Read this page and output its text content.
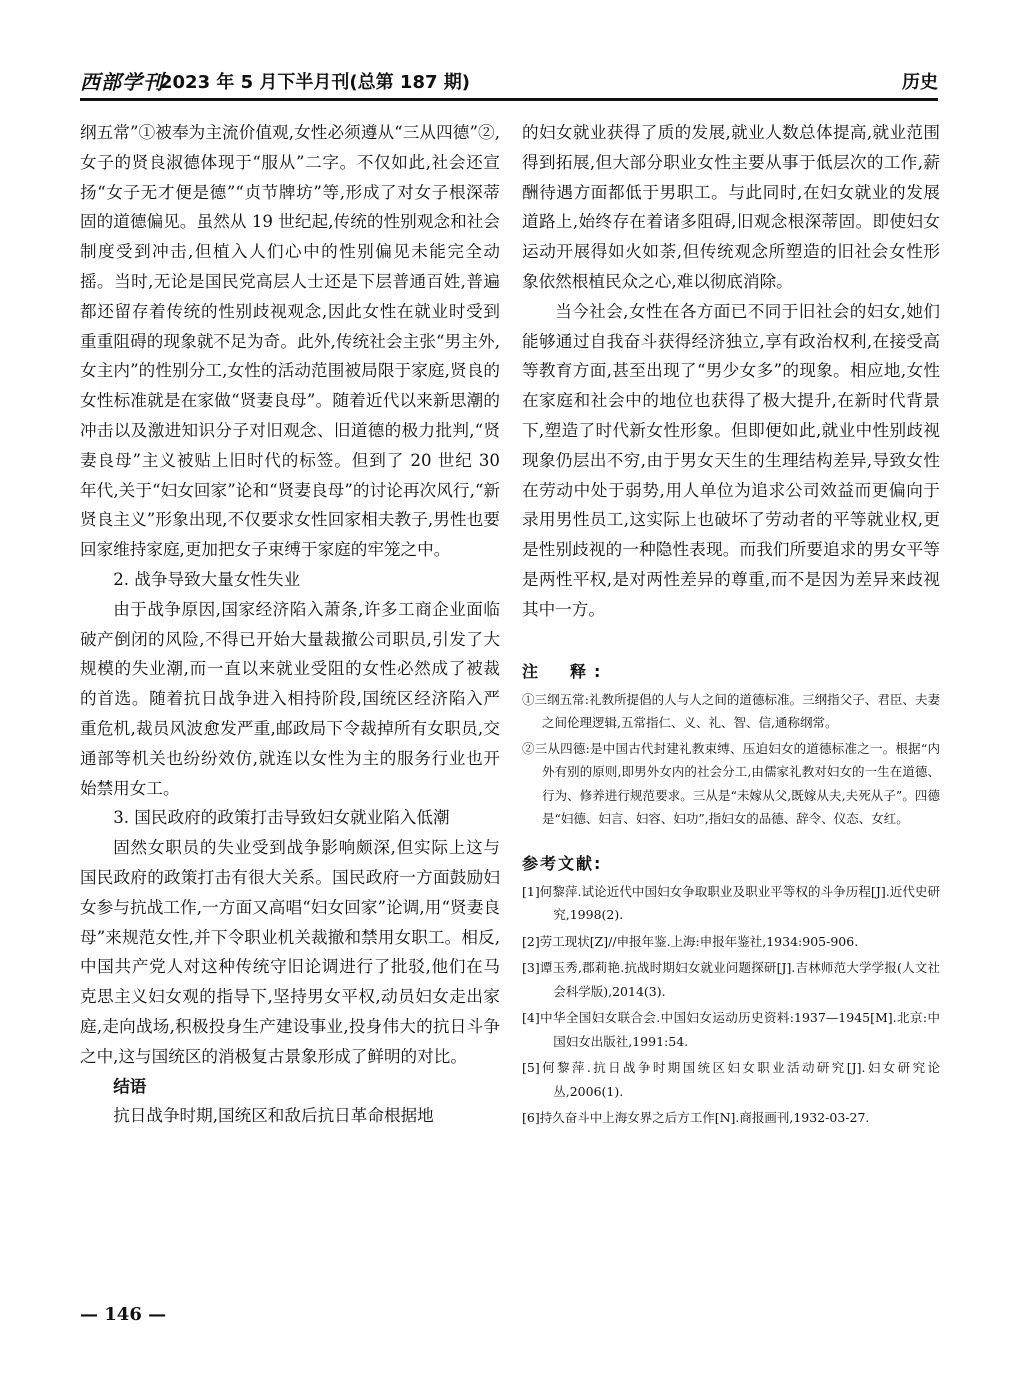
西部学刊
2023 年 5 月下半月刊(总第 187 期)	历史

纲五常”①被奉为主流价值观,女性必须遵从“三从四德”②,女子的贤良淑德体现于“服从”二字。不仅如此,社会还宣扬“女子无才便是德”“贞节牌坊”等,形成了对女子根深蒂固的道德偏见。虽然从 19 世纪起,传统的性别观念和社会制度受到冲击,但植入人们心中的性别偏见未能完全动摇。当时,无论是国民党高层人士还是下层普通百姓,普遍都还留存着传统的性别歧视观念,因此女性在就业时受到重重阻碍的现象就不足为奇。此外,传统社会主张“男主外,女主内”的性别分工,女性的活动范围被局限于家庭,贤良的女性标准就是在家做“贤妻良母”。随着近代以来新思潮的冲击以及激进知识分子对旧观念、旧道德的极力批判,“贤妻良母”主义被贴上旧时代的标签。但到了 20 世纪 30 年代,关于“妇女回家”论和“贤妻良母”的讨论再次风行,“新贤良主义”形象出现,不仅要求女性回家相夫教子,男性也要回家维持家庭,更加把女子束缚于家庭的牢笼之中。

2. 战争导致大量女性失业

由于战争原因,国家经济陷入萧条,许多工商企业面临破产倒闭的风险,不得已开始大量裁撤公司职员,引发了大规模的失业潮,而一直以来就业受阻的女性必然成了被裁的首选。随着抗日战争进入相持阶段,国统区经济陷入严重危机,裁员风波愈发严重,邮政局下令裁掉所有女职员,交通部等机关也纷纷效仿,就连以女性为主的服务行业也开始禁用女工。

3. 国民政府的政策打击导致妇女就业陷入低潮

固然女职员的失业受到战争影响颇深,但实际上这与国民政府的政策打击有很大关系。国民政府一方面鼓励妇女参与抗战工作,一方面又高唱“妇女回家”论调,用“贤妻良母”来规范女性,并下令职业机关裁撤和禁用女职工。相反,中国共产党人对这种传统守旧论调进行了批驳,他们在马克思主义妇女观的指导下,坚持男女平权,动员妇女走出家庭,走向战场,积极投身生产建设事业,投身伟大的抗日斗争之中,这与国统区的消极复古景象形成了鲜明的对比。

结语

抗日战争时期,国统区和敌后抗日革命根据地

的妇女就业获得了质的发展,就业人数总体提高,就业范围得到拓展,但大部分职业女性主要从事于低层次的工作,薪酬待遇方面都低于男职工。与此同时,在妇女就业的发展道路上,始终存在着诸多阻碍,旧观念根深蒂固。即使妇女运动开展得如火如荼,但传统观念所塑造的旧社会女性形象依然根植民众之心,难以彻底消除。

当今社会,女性在各方面已不同于旧社会的妇女,她们能够通过自我奋斗获得经济独立,享有政治权利,在接受高等教育方面,甚至出现了“男少女多”的现象。相应地,女性在家庭和社会中的地位也获得了极大提升,在新时代背景下,塑造了时代新女性形象。但即便如此,就业中性别歧视现象仍层出不穷,由于男女天生的生理结构差异,导致女性在劳动中处于弱势,用人单位为追求公司效益而更偏向于录用男性员工,这实际上也破坏了劳动者的平等就业权,更是性别歧视的一种隐性表现。而我们所要追求的男女平等是两性平权,是对两性差异的尊重,而不是因为差异来歧视其中一方。

注　释:

①三纲五常:礼教所提倡的人与人之间的道德标准。三纲指父子、君臣、夫妻之间伦理逻辑,五常指仁、义、礼、智、信,通称纲常。

②三从四德:是中国古代封建礼教束缚、压迫妇女的道德标准之一。根据“内外有别的原则,即男外女内的社会分工,由儒家礼教对妇女的一生在道德、行为、修养进行规范要求。三从是“未嫁从父,既嫁从夫,夫死从子”。四德是“妇德、妇言、妇容、妇功”,指妇女的品德、辞令、仪态、女红。

参考文献:

[1]何黎萍.试论近代中国妇女争取职业及职业平等权的斗争历程[J].近代史研究,1998(2).

[2]劳工现状[Z]//申报年鉴.上海:申报年鉴社,1934:905-906.

[3]谭玉秀,郡莉艳.抗战时期妇女就业问题探研[J].吉林师范大学学报(人文社会科学版),2014(3).

[4]中华全国妇女联合会.中国妇女运动历史资料:1937—1945[M].北京:中国妇女出版社,1991:54.

[5]何黎萍.抗日战争时期国统区妇女职业活动研究[J].妇女研究论丛,2006(1).

[6]持久奋斗中上海女界之后方工作[N].商报画刊,1932-03-27.

— 146 —
